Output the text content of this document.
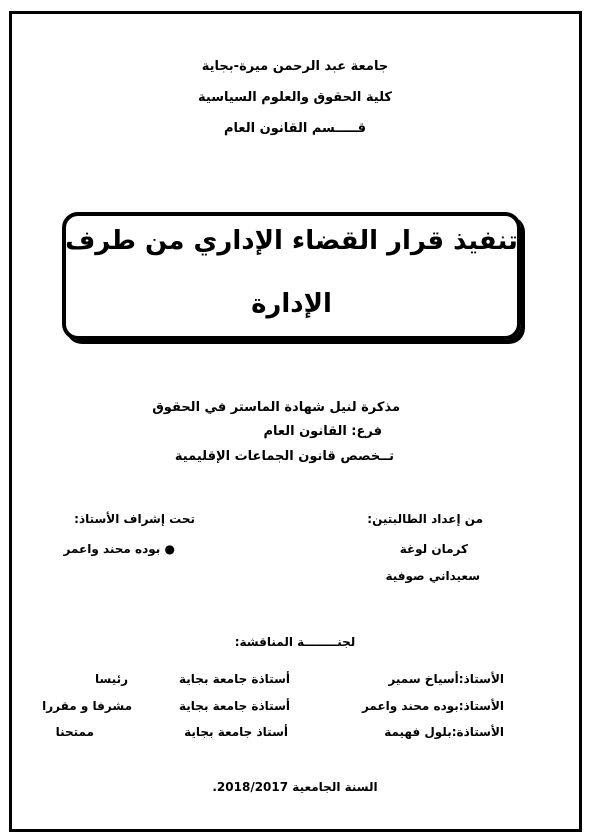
جامعة عبد الرحمن ميرة-بجاية
كلية الحقوق والعلوم السياسية
قـــــسم القانون العام
تنفيذ قرار القضاء الإداري من طرف
الإدارة
مذكرة لنيل شهادة الماستر في الحقوق
فرع: القانون العام
تــخصص قانون الجماعات الإقليمية
من إعداد الطالبتين:
كرمان لوغة
سعيداني صوفية
تحت إشراف الأستاذ:
● بوده محند واعمر
لجنــــــــة المناقشة:
الأستاذ:أسياخ سمير
أستاذة جامعة بجاية
رئيسا
الأستاذ:بوده محند واعمر
أستاذة جامعة بجاية
مشرفا و مقررا
الأستاذة:بلول فهيمة
أستاذ جامعة بجاية
ممتحنا
السنة الجامعية 2018/2017.
